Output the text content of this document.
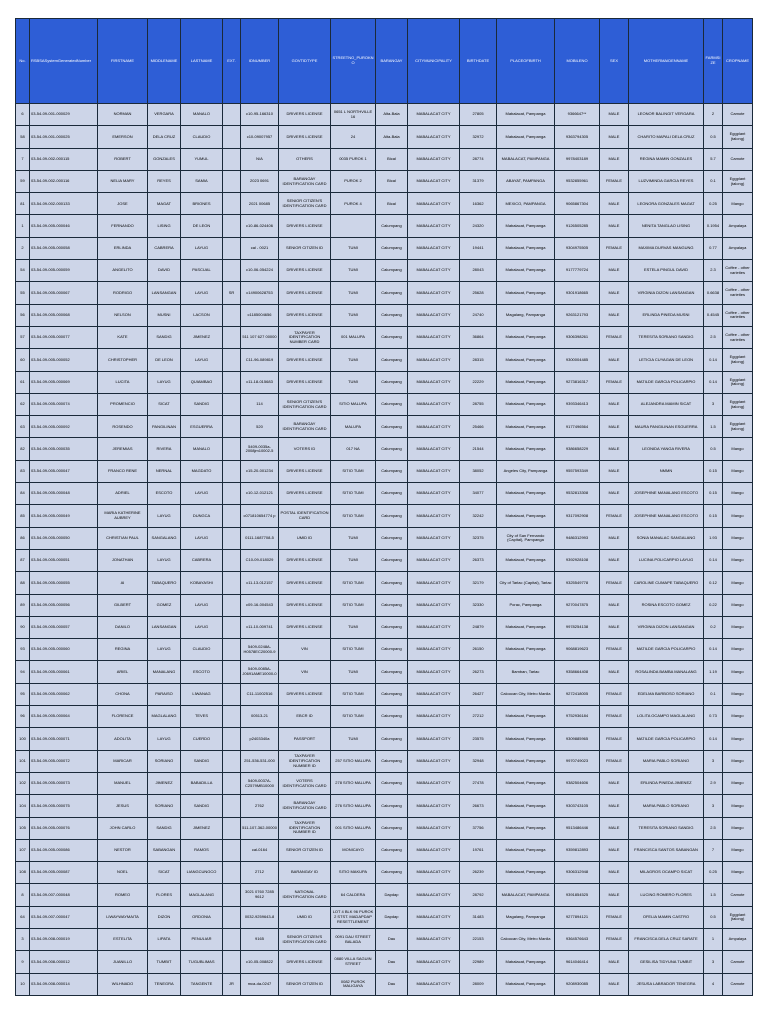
No.	RSBSASystemGeneratedNumber	FIRSTNAME	MIDDLENAME	LASTNAME	EXT.	IDNUMBER	GOVTIDTYPE	STREETNO_PUROKNO	BARANGAY	CITYMUNICIPALITY	BIRTHDATE	PLACEOFBIRTH	MOBILENO	SEX	MOTHERMAIDENNAME	FARMSIZE	CROPNAME
6	03-54-09-001-000029	NORMAN	VERGARA	MANALO		c10-95-166310	DRIVERS LICENSE	0651 L NORTHVILLE 16	Alta-Bala	MABALACAT CITY	27805	Mabalacat, Pampanga	9366647**	MALE	LEONOR BALINGIT VERGARA	2	Camote
58	03-54-09-001-000025	EMERSON	DELA CRUZ	CLAUDIO		c10-09007957	DRIVERS LICENSE	24	Alta-Bala	MABALACAT CITY	32972	Mabalacat, Pampanga	9363794305	MALE	CHARITO MAPALI DELA CRUZ	0.5	Eggplant (talong)
7	03-54-09-002-000115	ROBERT	GONZALES	YUMUL		N/A	OTHERS	0035 PUROK 1	Bical	MABALACAT CITY	28774	MABALACAT, PAMPANGA	9978403189	MALE	REGINA MAMIN GONZALES	5.7	Camote
59	03-54-09-002-000116	NELIA MARY	REYES	SAMIA		2023 0691	BARANGAY IDENTIFICATION CARD	PUROK 2	Bical	MABALACAT CITY	31379	ABAYAT, PAMPANGA	9532855961	FEMALE	LUZVIMINDA GARCIA REYES	0.1	Eggplant (talong)
81	03-54-09-002-000133	JOSE	MAGAT	BRIONES		2021 00685	SENIOR CITIZEN'S IDENTIFICATION CARD	PUROK 4	Bical	MABALACAT CITY	16362	MEXICO, PAMPANGA	9065867304	MALE	LEONORA GONZALES MAGAT	0.25	Mango
1	03-54-09-005-000046	FERNANDO	LISING	DE LEON		c10-86-024406	DRIVERS LICENSE		Calumpang	MABALACAT CITY	24320	Mabalacat, Pampanga	9126505285	MALE	NENITA TANGLAO LISING	0.1954	Ampalaya
2	03-54-09-005-000058	ERLINDA	CABRERA	LAYUG		cal - 0021	SENIOR CITIZEN ID	TUMI	Calumpang	MABALACAT CITY	19441	Mabalacat, Pampanga	9304975505	FEMALE	MAXIMA DURVAS MANGUNG	0.77	Ampalaya
54	03-54-09-005-000059	ANGELITO	DAVID	PASCUAL		c10-06-054224	DRIVERS LICENSE	TUMI	Calumpang	MABALACAT CITY	28043	Mabalacat, Pampanga	9177779724	MALE	ESTELA PINGUL DAVID	2.3	Coffee - other varieties
55	03-54-09-005-000067	RODRIGO	LANSANGAN	LAYUG	SR	c14900628753	DRIVERS LICENSE	TUMI	Calumpang	MABALACAT CITY	25628	Mabalacat, Pampanga	9301918665	MALE	VIRGINIA DIZON LANSANGAN	0.6638	Coffee - other varieties
56	03-54-09-005-000068	NELSON	MUSNI	LACSON		c1185004656	DRIVERS LICENSE	TUMI	Calumpang	MABALACAT CITY	24740	Magalang, Pampanga	9263121793	MALE	ERLINDA PINEDA MUSNI	0.4545	Coffee - other varieties
57	03-54-09-005-000077	KATE	SANDIG	JIMENEZ		511 107 627 00000	TAXPAYER IDENTIFICATION NUMBER CARD	001 MALUPA	Calumpang	MABALACAT CITY	36864	Mabalacat, Pampanga	9306398261	FEMALE	TERESITA SORIANO SANDIG	2.5	Coffee - other varieties
60	03-54-09-005-000052	CHRISTOPHER	DE LEON	LAYUG		C11-96-089819	DRIVERS LICENSE	TUMI	Calumpang	MABALACAT CITY	28315	Mabalacat, Pampanga	9300004485	MALE	LETICIA CUYAGAN DE LEON	0.14	Eggplant (talong)
61	03-54-09-005-000069	LUCITA	LAYUG	QUIAMBAO		c11-18-015683	DRIVERS LICENSE	TUMI	Calumpang	MABALACAT CITY	22229	Mabalacat, Pampanga	9273816317	FEMALE	MATILDE GARCIA POLICARPIO	0.14	Eggplant (talong)
62	03-54-09-005-000074	PROMENCIO	SICAT	SANDIG		114	SENIOR CITIZEN'S IDENTIFICATION CARD	SITIO MALUPA	Calumpang	MABALACAT CITY	28755	Mabalacat, Pampanga	9393346413	MALE	ALEJANDRA MAMIN SICAT	3	Eggplant (talong)
63	03-54-09-005-000092	ROSENDO	PANGILINAN	ESGUERRA		520	BARANGAY IDENTIFICATION CARD	MALUPA	Calumpang	MABALACAT CITY	25466	Mabalacat, Pampanga	9177496564	MALE	MAURA PANGILINAN ESGUERRA	1.5	Eggplant (talong)
82	03-54-09-005-000035	JEREMIAS	RIVERA	MANALO		5409-0035a-2008jm10002-5	VOTERS ID	017 NA	Calumpang	MABALACAT CITY	21544	Mabalacat, Pampanga	9386658229	MALE	LEONIDA YANGA RIVERA	0.5	Mango
83	03-54-09-005-000047	FRANCO RENE	NERNAL	MAGDATO		c15-20-001234	DRIVERS LICENSE	SITIO TUMI	Calumpang	MABALACAT CITY	38052	Angeles City, Pampanga	9557593349	MALE	NMMN	0.15	Mango
84	03-54-09-005-000048	ADRIEL	ESCOTO	LAYUG		c10-12-012121	DRIVERS LICENSE	SITIO TUMI	Calumpang	MABALACAT CITY	34077	Mabalacat, Pampanga	9532813308	MALE	JOSEPHINE MANALANG ESCOTO	0.15	Mango
85	03-54-09-005-000049	MARIA KATHERINE AUBREY	LAYUG	DUNGCA		c071810654774 p	POSTAL IDENTIFICATION CARD	SITIO TUMI	Calumpang	MABALACAT CITY	32242	Mabalacat, Pampanga	9317092908	FEMALE	JOSEPHINE MANALANG ESCOTO	0.15	Mango
86	03-54-09-005-000050	CHRISTIAN PAUL	SANGALANG	LAYUG		0111-1687708-5	UMID ID	TUMI	Calumpang	MABALACAT CITY	32375	City of San Fernando (Capital), Pampanga	9486312993	MALE	SONIA MANALAC SANGALANG	1.93	Mango
87	03-54-09-005-000051	JONATHAN	LAYUG	CABRERA		C10-09-018029	DRIVERS LICENSE	TUMI	Calumpang	MABALACAT CITY	26373	Mabalacat, Pampanga	9392928108	MALE	LUCINA POLICARPIO LAYUG	0.14	Mango
88	03-54-09-005-000055	AI	TABAQUERO	KOBAYASHI		c11-13-012157	DRIVERS LICENSE	SITIO TUMI	Calumpang	MABALACAT CITY	32179	City of Tarlac (Capital), Tarlac	9325549778	FEMALE	CAROLINE CUMAPE TABAQUERO	0.12	Mango
89	03-54-09-005-000056	GILBERT	GOMEZ	LAYUG		c09-16-004543	DRIVERS LICENSE	SITIO TUMI	Calumpang	MABALACAT CITY	32330	Porac, Pampanga	9270047875	MALE	ROSINA ESCOTO GOMEZ	0.22	Mango
90	03-54-09-005-000057	DANILO	LANSANGAN	LAYUG		c11-10-009741	DRIVERS LICENSE	TUMI	Calumpang	MABALACAT CITY	24879	Mabalacat, Pampanga	9978254138	MALE	VIRGINIA DIZON LANSANGAN	0.2	Mango
93	03-54-09-005-000060	REGINA	LAYUG	CLAUDIO		5409-0248A-H0578EC20000-9	VIN	SITIO TUMI	Calumpang	MABALACAT CITY	26150	Mabalacat, Pampanga	9068819623	FEMALE	MATILDE GARCIA POLICARPIO	0.14	Mango
94	03-54-09-005-000061	ARIEL	MANALANG	ESCOTO		5409-0085A-J0691AME10000-0	VIN	TUMI	Calumpang	MABALACAT CITY	26273	Bamban, Tarlac	9358664408	MALE	ROSALINDA BAMBA MANALANG	1.19	Mango
95	03-54-09-005-000062	CHONA	PARAISO	LIWANAG		C11-11002516	DRIVERS LICENSE	SITIO TUMI	Calumpang	MABALACAT CITY	26427	Caloocan City, Metro Manila	9272418005	FEMALE	EDELMA BARBOSO SORIANO	0.1	Mango
96	03-54-09-005-000064	FLORENCE	MAGLALANG	TEVES		00513-21	EBCR ID	SITIO TUMI	Calumpang	MABALACAT CITY	27212	Mabalacat, Pampanga	9752936184	FEMALE	LOLITA OCAMPO MAGLALANG	0.73	Mango
100	03-54-09-005-000071	ADOLITA	LAYUG	CUERDO		p2403340a	PASSPORT	TUMI	Calumpang	MABALACAT CITY	23575	Mabalacat, Pampanga	9309885965	FEMALE	MATILDE GARCIA POLICARPIO	0.14	Mango
101	03-54-09-005-000072	MARICAR	SORIANO	SANDIG		251-536-531-000	TAXPAYER IDENTIFICATION NUMBER ID	257 SITIO MALUPA	Calumpang	MABALACAT CITY	32948	Mabalacat, Pampanga	9970749023	FEMALE	MARIA PABLO SORIANO	3	Mango
102	03-54-09-005-000073	MANUEL	JIMENEZ	BABADILLA		5409-0037A-C2579MB10000	VOTERS IDENTIFICATION CARD	278 SITIO MALUPA	Calumpang	MABALACAT CITY	27478	Mabalacat, Pampanga	9382504606	MALE	ERLINDA PINEDA JIMENEZ	2.9	Mango
104	03-54-09-005-000075	JESUS	SORIANO	SANDIG		2762	BARANGAY IDENTIFICATION CARD	276 SITIO MALUPA	Calumpang	MABALACAT CITY	26673	Mabalacat, Pampanga	9303743105	MALE	MARIA PABLO SORIANO	3	Mango
105	03-54-09-005-000076	JOHN CARLO	SANDIG	JIMENEZ		511-107-362-00000	TAXPAYER IDENTIFICATION NUMBER ID	001 SITIO MALUPA	Calumpang	MABALACAT CITY	37756	Mabalacat, Pampanga	9513486446	MALE	TERESITA SORIANO SANDIG	2.5	Mango
107	03-54-09-005-000086	NESTOR	SABANGAN	RAMOS		cal-0164	SENIOR CITIZEN ID	MONICAYO	Calumpang	MABALACAT CITY	19761	Mabalacat, Pampanga	9359812893	MALE	FRANCISCA SANTOS SABANGAN	7	Mango
108	03-54-09-005-000087	NOEL	SICAT	LIANGCUNGCO		2712	BARANGAY ID	SITIO MAKUPA	Calumpang	MABALACAT CITY	26239	Mabalacat, Pampanga	9306312948	MALE	MILAGROS OCAMPO SICAT	0.25	Mango
8	03-54-09-007-000048	ROMEO	FLORES	MAGLALANG		3021 0760 7285 9612	NATIONAL IDENTIFICATION CARD	64 CALDERA	Dapdap	MABALACAT CITY	28792	MABALACAT, PAMPANGA	9391854525	MALE	LUCING ROMERO FLORES	1.5	Camote
64	03-54-09-007-000047	LIWAYWAYMAITA	DIZON	ORDONIA		0032-9259643-8	UMID ID	LOT 4 BLK 96 PUROK 2 STST. MADAPDAP RESETTLEMENT	Dapdap	MABALACAT CITY	31483	Magalang, Pampanga	9277894121	FEMALE	OFELIA MAMIN CASTRO	0.5	Eggplant (talong)
3	03-54-09-008-000019	ESTELITA	LIPATA	PENULIAR		9165	SENIOR CITIZEN'S IDENTIFICATION CARD	0091 DAU STREET BALADA	Dau	MABALACAT CITY	22153	Caloocan City, Metro Manila	9364576643	FEMALE	FRANCISCA DELA CRUZ SARATE	1	Ampalaya
9	03-54-09-008-000012	JUANILLO	TUMBIT	TUGUBLIMAS		c10-05-008822	DRIVERS LICENSE	0880 VILLA SAGUIN STREET	Dau	MABALACAT CITY	22989	Mabalacat, Pampanga	9614046414	MALE	GESILISA TIDYUNA TUMBIT	3	Camote
10	03-54-09-008-000014	WILHNADO	TENEGRA	TANGENTE	JR	mca-da-0247	SENIOR CITIZEN ID	0082 PUROK MALIGAYA	Dau	MABALACAT CITY	28009	Mabalacat, Pampanga	9208930085	MALE	JESUSA LABRADOR TENEGRA	4	Camote
